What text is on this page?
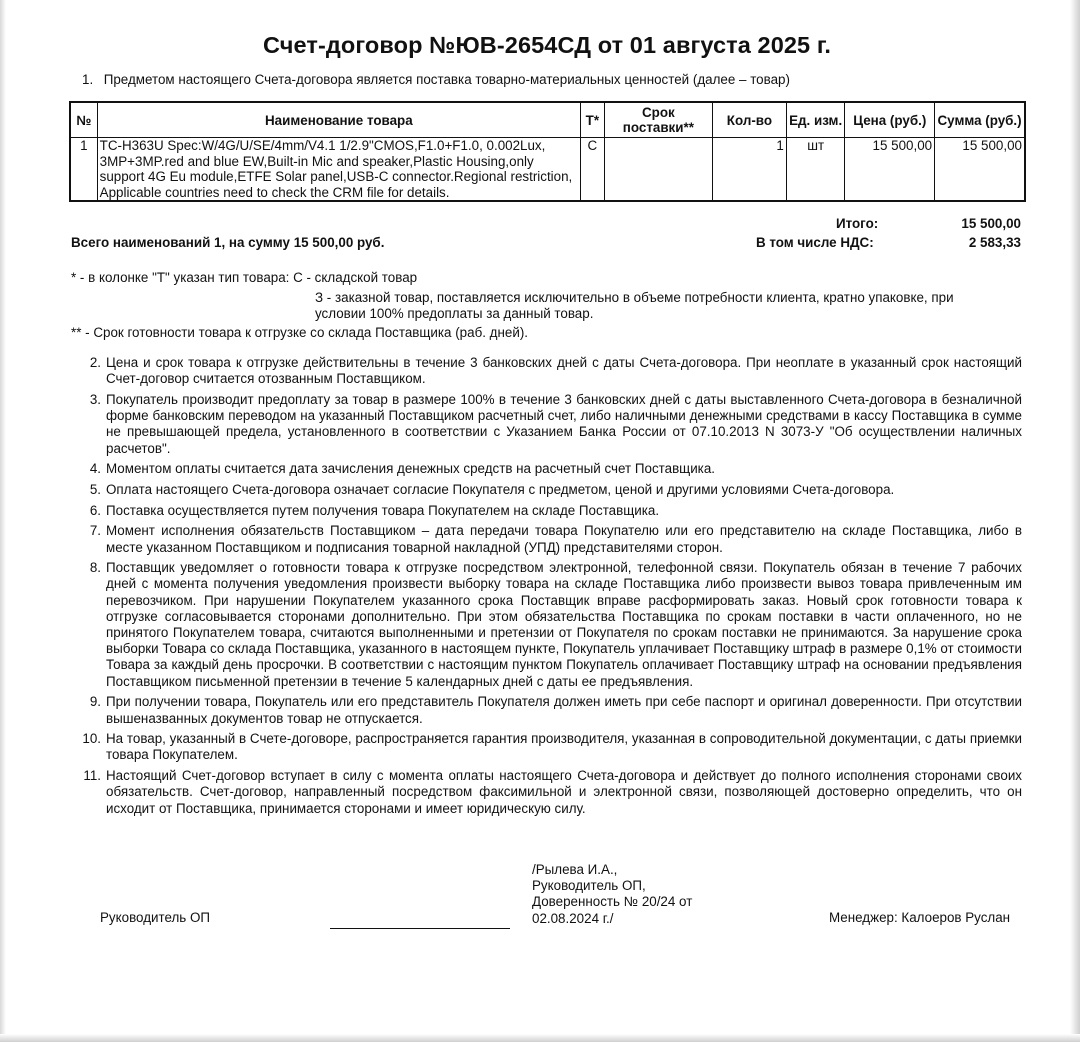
Счет-договор №ЮВ-2654СД от 01 августа 2025 г.
1. Предметом настоящего Счета-договора является поставка товарно-материальных ценностей (далее – товар)
№	Наименование товара	Т*	Срок поставки**	Кол-во	Ед. изм.	Цена (руб.)	Сумма (руб.)
1	TC-H363U Spec:W/4G/U/SE/4mm/V4.1 1/2.9"CMOS,F1.0+F1.0, 0.002Lux, 3MP+3MP.red and blue EW,Built-in Mic and speaker,Plastic Housing,only support 4G Eu module,ETFE Solar panel,USB-C connector.Regional restriction, Applicable countries need to check the CRM file for details.	C		1	шт	15 500,00	15 500,00
Итого:	15 500,00
Всего наименований 1, на сумму 15 500,00 руб.	В том числе НДС:	2 583,33
* - в колонке "Т" указан тип товара: С - складской товар
З - заказной товар, поставляется исключительно в объеме потребности клиента, кратно упаковке, при условии 100% предоплаты за данный товар.
** - Срок готовности товара к отгрузке со склада Поставщика (раб. дней).
2. Цена и срок товара к отгрузке действительны в течение 3 банковских дней с даты Счета-договора. При неоплате в указанный срок настоящий Счет-договор считается отозванным Поставщиком.
3. Покупатель производит предоплату за товар в размере 100% в течение 3 банковских дней с даты выставленного Счета-договора в безналичной форме банковским переводом на указанный Поставщиком расчетный счет, либо наличными денежными средствами в кассу Поставщика в сумме не превышающей предела, установленного в соответствии с Указанием Банка России от 07.10.2013 N 3073-У "Об осуществлении наличных расчетов".
4. Моментом оплаты считается дата зачисления денежных средств на расчетный счет Поставщика.
5. Оплата настоящего Счета-договора означает согласие Покупателя с предметом, ценой и другими условиями Счета-договора.
6. Поставка осуществляется путем получения товара Покупателем на складе Поставщика.
7. Момент исполнения обязательств Поставщиком – дата передачи товара Покупателю или его представителю на складе Поставщика, либо в месте указанном Поставщиком и подписания товарной накладной (УПД) представителями сторон.
8. Поставщик уведомляет о готовности товара к отгрузке посредством электронной, телефонной связи. Покупатель обязан в течение 7 рабочих дней с момента получения уведомления произвести выборку товара на складе Поставщика либо произвести вывоз товара привлеченным им перевозчиком. При нарушении Покупателем указанного срока Поставщик вправе расформировать заказ. Новый срок готовности товара к отгрузке согласовывается сторонами дополнительно. При этом обязательства Поставщика по срокам поставки в части оплаченного, но не принятого Покупателем товара, считаются выполненными и претензии от Покупателя по срокам поставки не принимаются. За нарушение срока выборки Товара со склада Поставщика, указанного в настоящем пункте, Покупатель уплачивает Поставщику штраф в размере 0,1% от стоимости Товара за каждый день просрочки. В соответствии с настоящим пунктом Покупатель оплачивает Поставщику штраф на основании предъявления Поставщиком письменной претензии в течение 5 календарных дней с даты ее предъявления.
9. При получении товара, Покупатель или его представитель Покупателя должен иметь при себе паспорт и оригинал доверенности. При отсутствии вышеназванных документов товар не отпускается.
10. На товар, указанный в Счете-договоре, распространяется гарантия производителя, указанная в сопроводительной документации, с даты приемки товара Покупателем.
11. Настоящий Счет-договор вступает в силу с момента оплаты настоящего Счета-договора и действует до полного исполнения сторонами своих обязательств. Счет-договор, направленный посредством факсимильной и электронной связи, позволяющей достоверно определить, что он исходит от Поставщика, принимается сторонами и имеет юридическую силу.
Руководитель ОП
/Рылева И.А.,
Руководитель ОП,
Доверенность № 20/24 от
02.08.2024 г./	Менеджер: Калоеров Руслан
